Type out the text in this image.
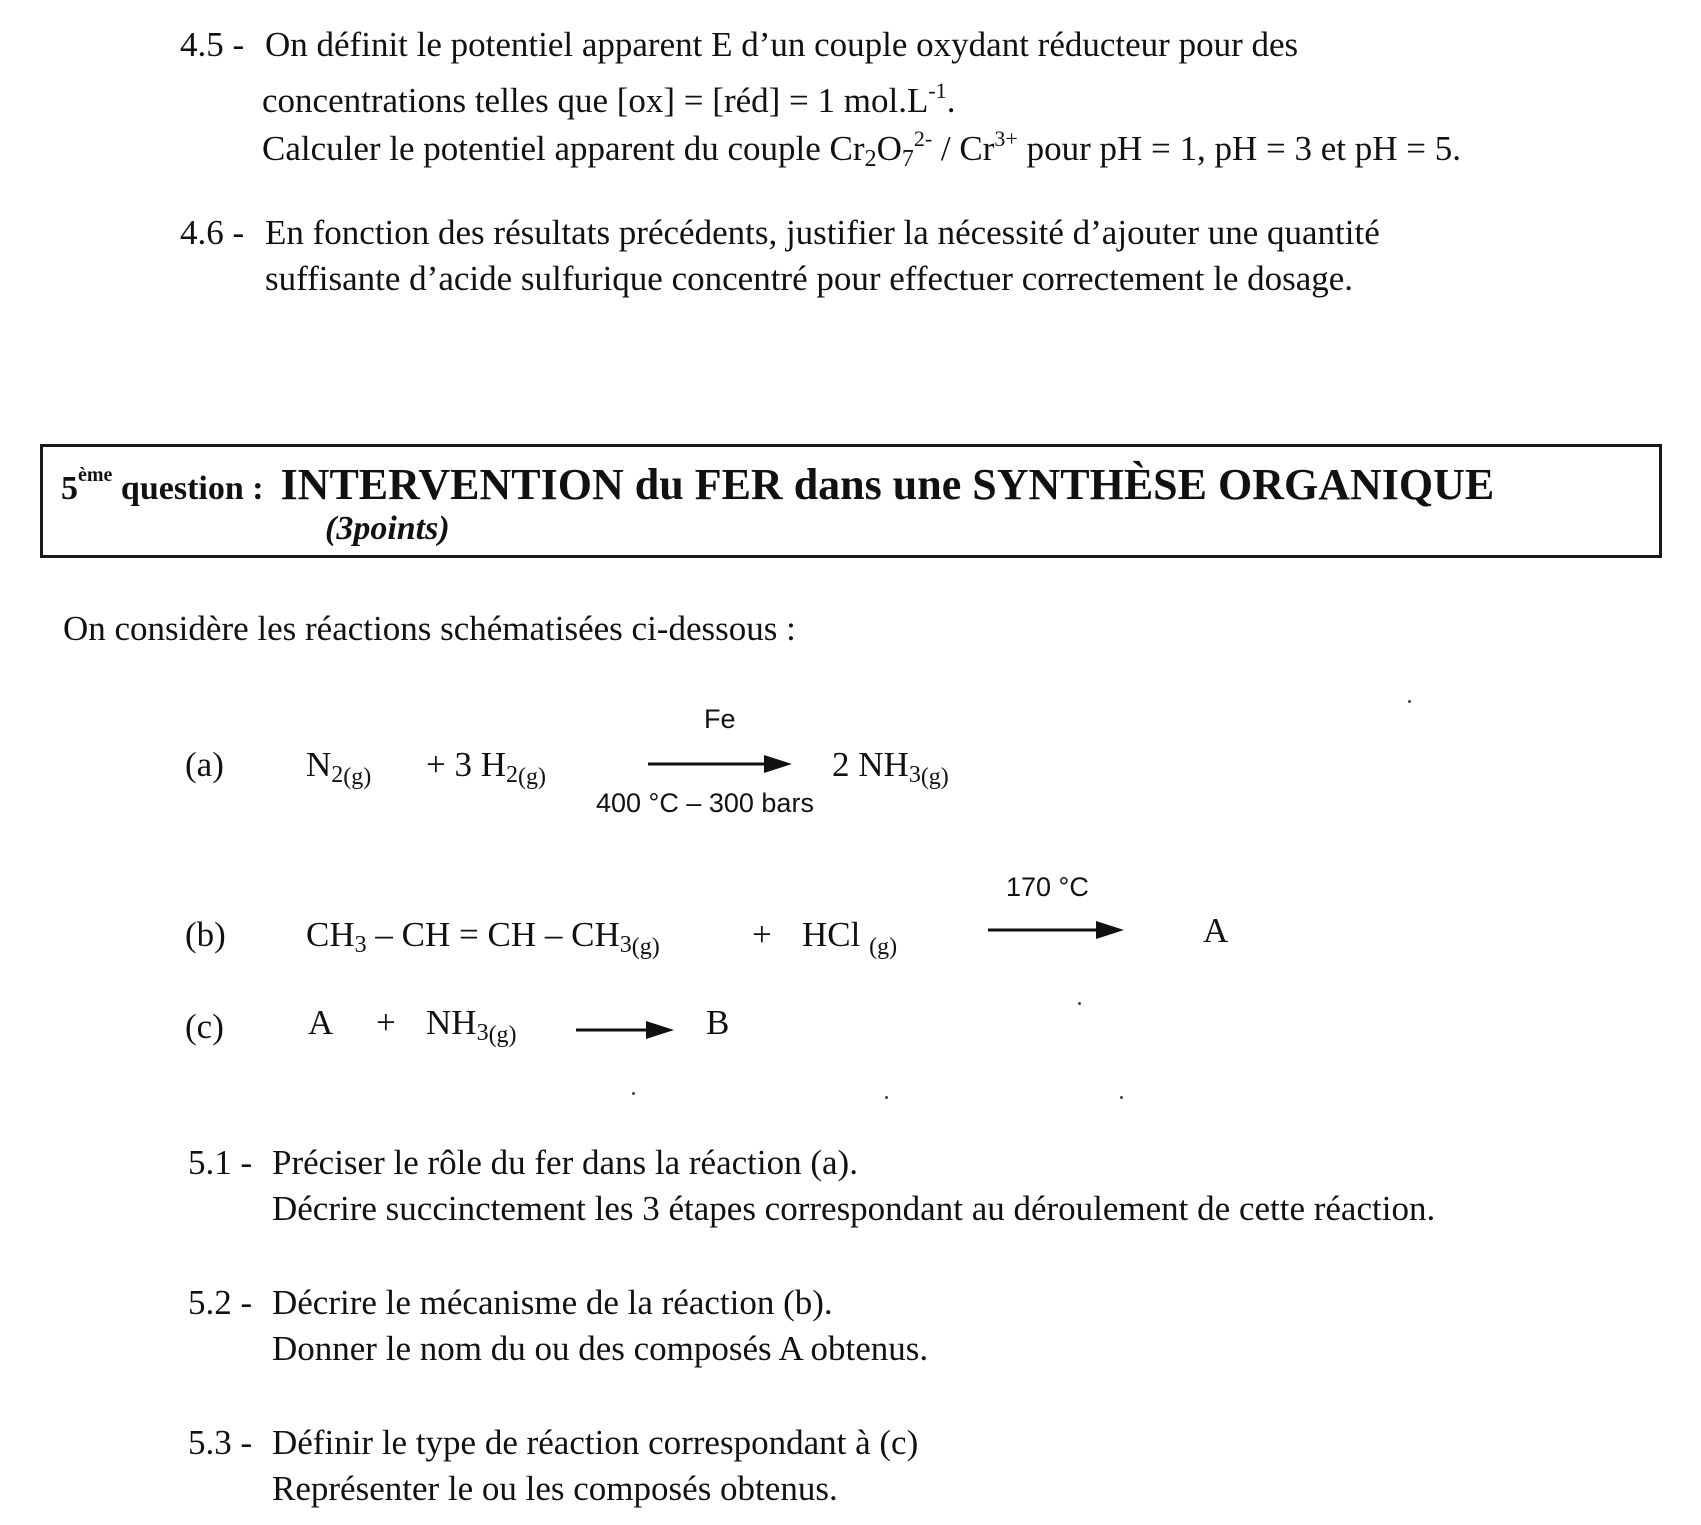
4.5 - On définit le potentiel apparent E d’un couple oxydant réducteur pour des
concentrations telles que [ox] = [réd] = 1 $mol.L^{-1}$.
Calculer le potentiel apparent du couple $Cr_2O_7^{2-} / Cr^{3+}$ pour pH = 1, pH = 3 et pH = 5.
4.6 - En fonction des résultats précédents, justifier la nécessité d’ajouter une quantité
suffisante d’acide sulfurique concentré pour effectuer correctement le dosage.
5ème question : INTERVENTION du FER dans une SYNTHÈSE ORGANIQUE
(3points)
On considère les réactions schématisées ci-dessous :
(a) $N_{2(g)} + 3$ $H_{2(g)}$
Fe
400 °C – 300 bars
2 $NH_{3(g)}$
(b) $CH_3$ – CH = CH – $CH_{3(g)}$	+ HCl $_{(g)}$
170 °C
A
(c) $A + NH_{3(g)}$	B
5.1 - Préciser le rôle du fer dans la réaction (a).
Décrire succinctement les 3 étapes correspondant au déroulement de cette réaction.
5.2 - Décrire le mécanisme de la réaction (b).
Donner le nom du ou des composés A obtenus.
5.3 - Définir le type de réaction correspondant à (c)
Représenter le ou les composés obtenus.
